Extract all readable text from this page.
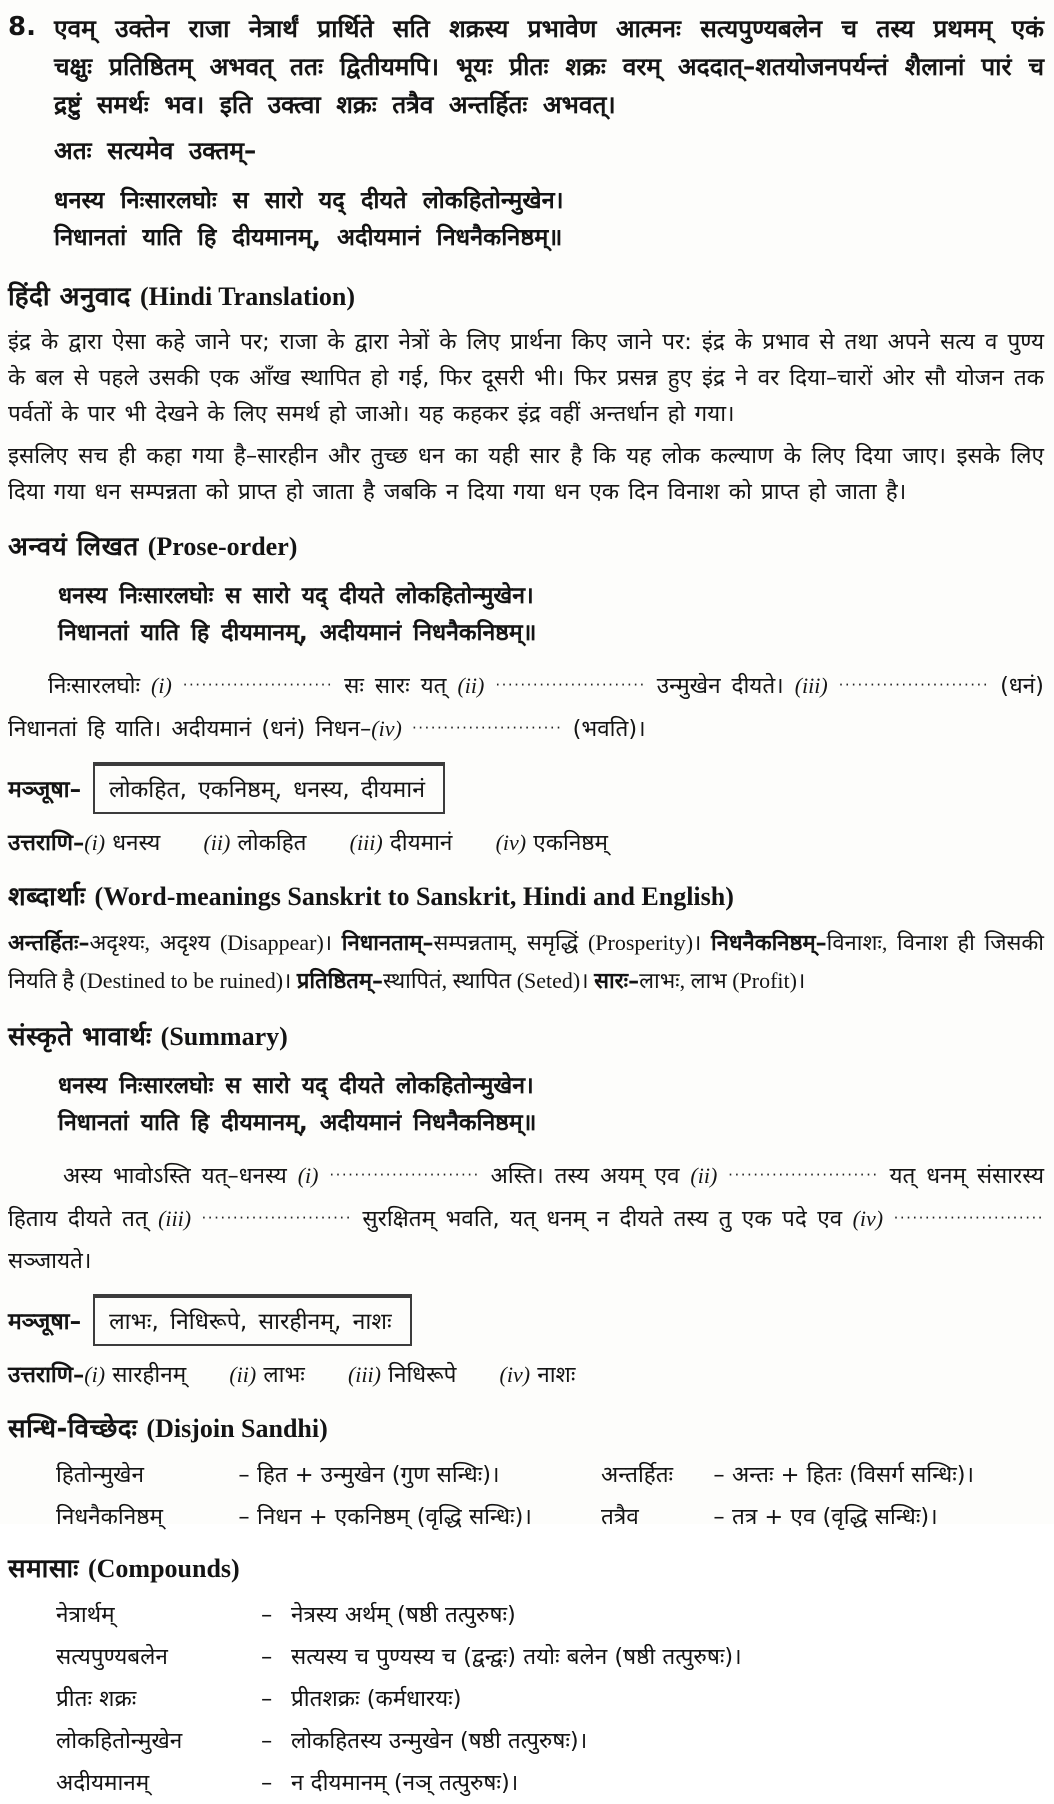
8. एवम् उक्तेन राजा नेत्रार्थं प्रार्थिते सति शक्रस्य प्रभावेण आत्मनः सत्यपुण्यबलेन च तस्य प्रथमम् एकं चक्षुः प्रतिष्ठितम् अभवत् ततः द्वितीयमपि। भूयः प्रीतः शक्रः वरम् अददात्–शतयोजनपर्यन्तं शैलानां पारं च द्रष्टुं समर्थः भव। इति उक्त्वा शक्रः तत्रैव अन्तर्हितः अभवत्।

अतः सत्यमेव उक्तम्–

धनस्य निःसारलघोः स सारो यद् दीयते लोकहितोन्मुखेन।

निधानतां याति हि दीयमानम्, अदीयमानं निधनैकनिष्ठम्॥

हिंदी अनुवाद (Hindi Translation)

इंद्र के द्वारा ऐसा कहे जाने पर; राजा के द्वारा नेत्रों के लिए प्रार्थना किए जाने पर: इंद्र के प्रभाव से तथा अपने सत्य व पुण्य के बल से पहले उसकी एक आँख स्थापित हो गई, फिर दूसरी भी। फिर प्रसन्न हुए इंद्र ने वर दिया–चारों ओर सौ योजन तक पर्वतों के पार भी देखने के लिए समर्थ हो जाओ। यह कहकर इंद्र वहीं अन्तर्धान हो गया।

इसलिए सच ही कहा गया है–सारहीन और तुच्छ धन का यही सार है कि यह लोक कल्याण के लिए दिया जाए। इसके लिए दिया गया धन सम्पन्नता को प्राप्त हो जाता है जबकि न दिया गया धन एक दिन विनाश को प्राप्त हो जाता है।

अन्वयं लिखत (Prose-order)

धनस्य निःसारलघोः स सारो यद् दीयते लोकहितोन्मुखेन।

निधानतां याति हि दीयमानम्, अदीयमानं निधनैकनिष्ठम्॥

निःसारलघोः (i) ························ सः सारः यत् (ii) ························ उन्मुखेन दीयते। (iii) ························ (धनं) निधानतां हि याति। अदीयमानं (धनं) निधन–(iv) ························ (भवति)।

मञ्जूषा–	लोकहित, एकनिष्ठम्, धनस्य, दीयमानं

उत्तराणि–(i) धनस्य (ii) लोकहित (iii) दीयमानं (iv) एकनिष्ठम्

शब्दार्थाः (Word-meanings Sanskrit to Sanskrit, Hindi and English)

अन्तर्हितः–अदृश्यः, अदृश्य (Disappear)। निधानताम्–सम्पन्नताम्, समृद्धिं (Prosperity)। निधनैकनिष्ठम्–विनाशः, विनाश ही जिसकी नियति है (Destined to be ruined)। प्रतिष्ठितम्–स्थापितं, स्थापित (Seted)। सारः–लाभः, लाभ (Profit)।

संस्कृते भावार्थः (Summary)

धनस्य निःसारलघोः स सारो यद् दीयते लोकहितोन्मुखेन।

निधानतां याति हि दीयमानम्, अदीयमानं निधनैकनिष्ठम्॥

अस्य भावोऽस्ति यत्–धनस्य (i) ························ अस्ति। तस्य अयम् एव (ii) ························ यत् धनम् संसारस्य हिताय दीयते तत् (iii) ························ सुरक्षितम् भवति, यत् धनम् न दीयते तस्य तु एक पदे एव (iv) ························ सञ्जायते।

मञ्जूषा–	लाभः, निधिरूपे, सारहीनम्, नाशः

उत्तराणि–(i) सारहीनम् (ii) लाभः (iii) निधिरूपे (iv) नाशः

सन्धि-विच्छेदः (Disjoin Sandhi)
हितोन्मुखेन	– हित + उन्मुखेन (गुण सन्धिः)।	अन्तर्हितः – अन्तः + हितः (विसर्ग सन्धिः)।
निधनैकनिष्ठम्	– निधन + एकनिष्ठम् (वृद्धि सन्धिः)।	तत्रैव	– तत्र + एव (वृद्धि सन्धिः)।
समासाः (Compounds)
नेत्रार्थम्	– नेत्रस्य अर्थम् (षष्ठी तत्पुरुषः)
सत्यपुण्यबलेन	– सत्यस्य च पुण्यस्य च (द्वन्द्वः) तयोः बलेन (षष्ठी तत्पुरुषः)।
प्रीतः शक्रः	– प्रीतशक्रः (कर्मधारयः)
लोकहितोन्मुखेन	– लोकहितस्य उन्मुखेन (षष्ठी तत्पुरुषः)।
अदीयमानम्	– न दीयमानम् (नञ् तत्पुरुषः)।
